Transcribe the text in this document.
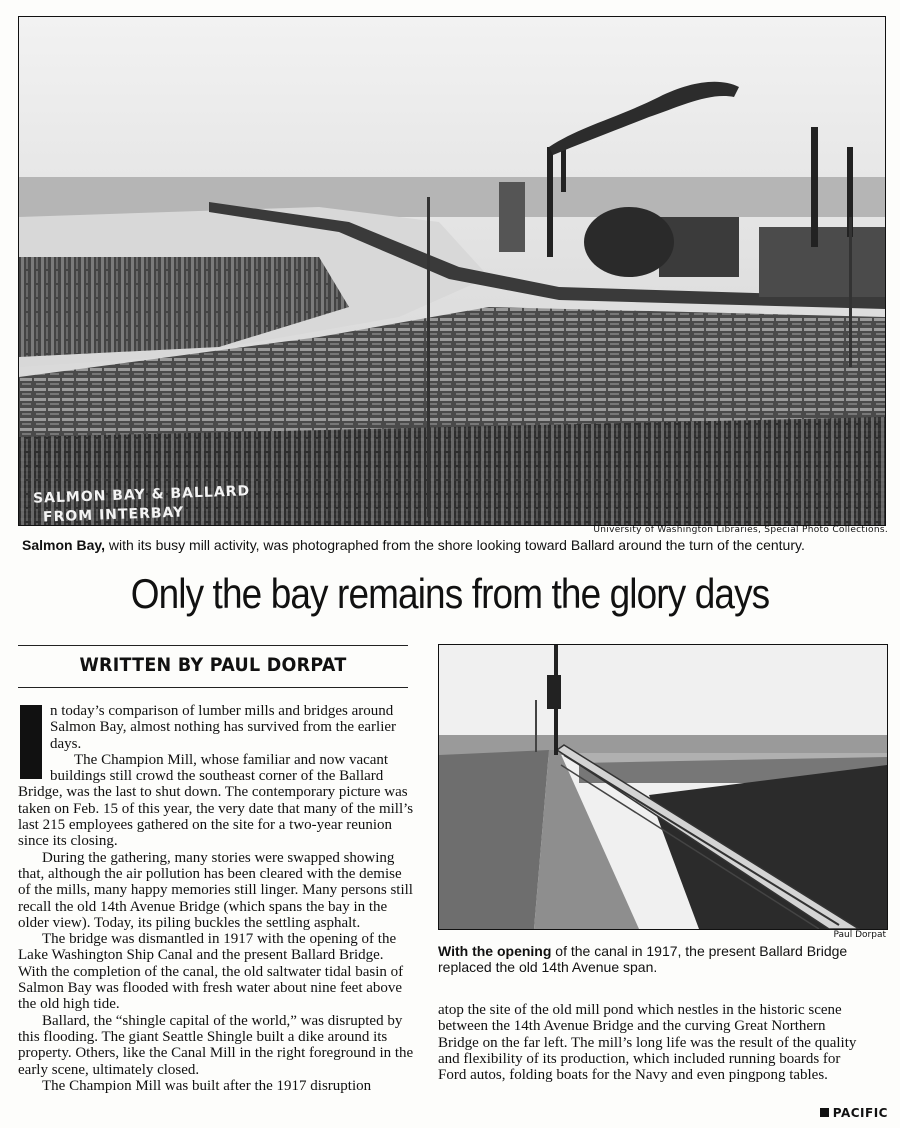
SALMON BAY & BALLARD
FROM INTERBAY
University of Washington Libraries, Special Photo Collections.
Salmon Bay, with its busy mill activity, was photographed from the shore looking toward Ballard around the turn of the century.
Only the bay remains from the glory days
WRITTEN BY PAUL DORPAT

n today’s comparison of lumber mills and bridges around Salmon Bay, almost nothing has survived from the earlier days.

The Champion Mill, whose familiar and now vacant buildings still crowd the southeast corner of the Ballard Bridge, was the last to shut down. The contemporary picture was taken on Feb. 15 of this year, the very date that many of the mill’s last 215 employees gathered on the site for a two-year reunion since its closing.

During the gathering, many stories were swapped showing that, although the air pollution has been cleared with the demise of the mills, many happy memories still linger. Many persons still recall the old 14th Avenue Bridge (which spans the bay in the older view). Today, its piling buckles the settling asphalt.

The bridge was dismantled in 1917 with the opening of the Lake Washington Ship Canal and the present Ballard Bridge. With the completion of the canal, the old saltwater tidal basin of Salmon Bay was flooded with fresh water about nine feet above the old high tide.

Ballard, the “shingle capital of the world,” was disrupted by this flooding. The giant Seattle Shingle built a dike around its property. Others, like the Canal Mill in the right foreground in the early scene, ultimately closed.

The Champion Mill was built after the 1917 disruption

Paul Dorpat
With the opening of the canal in 1917, the present Ballard Bridge replaced the old 14th Avenue span.

atop the site of the old mill pond which nestles in the historic scene between the 14th Avenue Bridge and the curving Great Northern Bridge on the far left. The mill’s long life was the result of the quality and flexibility of its production, which included running boards for Ford autos, folding boats for the Navy and even pingpong tables.

PACIFIC
